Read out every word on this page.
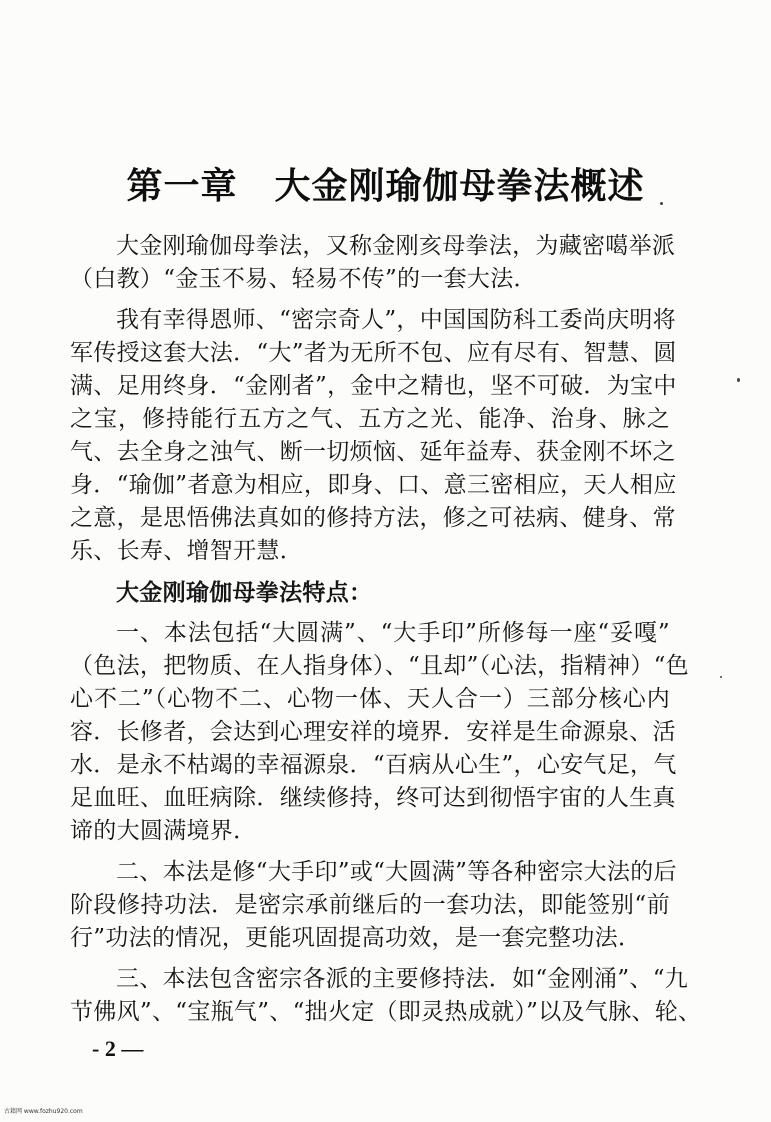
第一章　大金刚瑜伽母拳法概述
大金刚瑜伽母拳法，又称金刚亥母拳法，为藏密噶举派
（白教）“金玉不易、轻易不传”的一套大法．
我有幸得恩师、“密宗奇人”，中国国防科工委尚庆明将
军传授这套大法．“大”者为无所不包、应有尽有、智慧、圆
满、足用终身．“金刚者”，金中之精也，坚不可破．为宝中
之宝，修持能行五方之气、五方之光、能净、治身、脉之
气、去全身之浊气、断一切烦恼、延年益寿、获金刚不坏之
身．“瑜伽”者意为相应，即身、口、意三密相应，天人相应
之意，是思悟佛法真如的修持方法，修之可祛病、健身、常
乐、长寿、增智开慧．
大金刚瑜伽母拳法特点：
一、本法包括“大圆满”、“大手印”所修每一座“妥嘎”
（色法，把物质、在人指身体）、“且却”（心法，指精神）“色
心不二”（心物不二、心物一体、天人合一）三部分核心内
容．长修者，会达到心理安祥的境界．安祥是生命源泉、活
水．是永不枯竭的幸福源泉．“百病从心生”，心安气足，气
足血旺、血旺病除．继续修持，终可达到彻悟宇宙的人生真
谛的大圆满境界．
二、本法是修“大手印”或“大圆满”等各种密宗大法的后
阶段修持功法．是密宗承前继后的一套功法，即能签别“前
行”功法的情况，更能巩固提高功效，是一套完整功法．
三、本法包含密宗各派的主要修持法．如“金刚涌”、“九
节佛风”、“宝瓶气”、“拙火定（即灵热成就）”以及气脉、轮、
- 2 —
古籍网 www.fozhu920.com
